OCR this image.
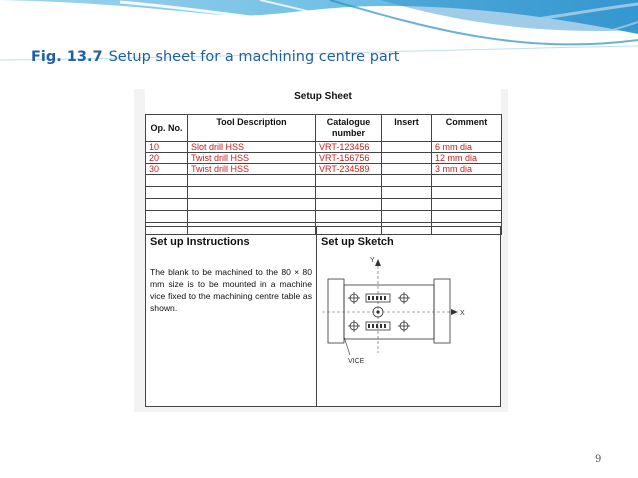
Fig. 13.7 Setup sheet for a machining centre part
Setup Sheet
Op. No.	Tool Description	Catalogue number	Insert	Comment
10	Slot drill HSS	VRT-123456		6 mm dia
20	Twist drill HSS	VRT-156756		12 mm dia
30	Twist drill HSS	VRT-234589		3 mm dia

Set up Instructions
The blank to be machined to the 80 × 80 mm size is to be mounted in a machine vice fixed to the machining centre table as shown.
Set up Sketch
Y
X
VICE
9
